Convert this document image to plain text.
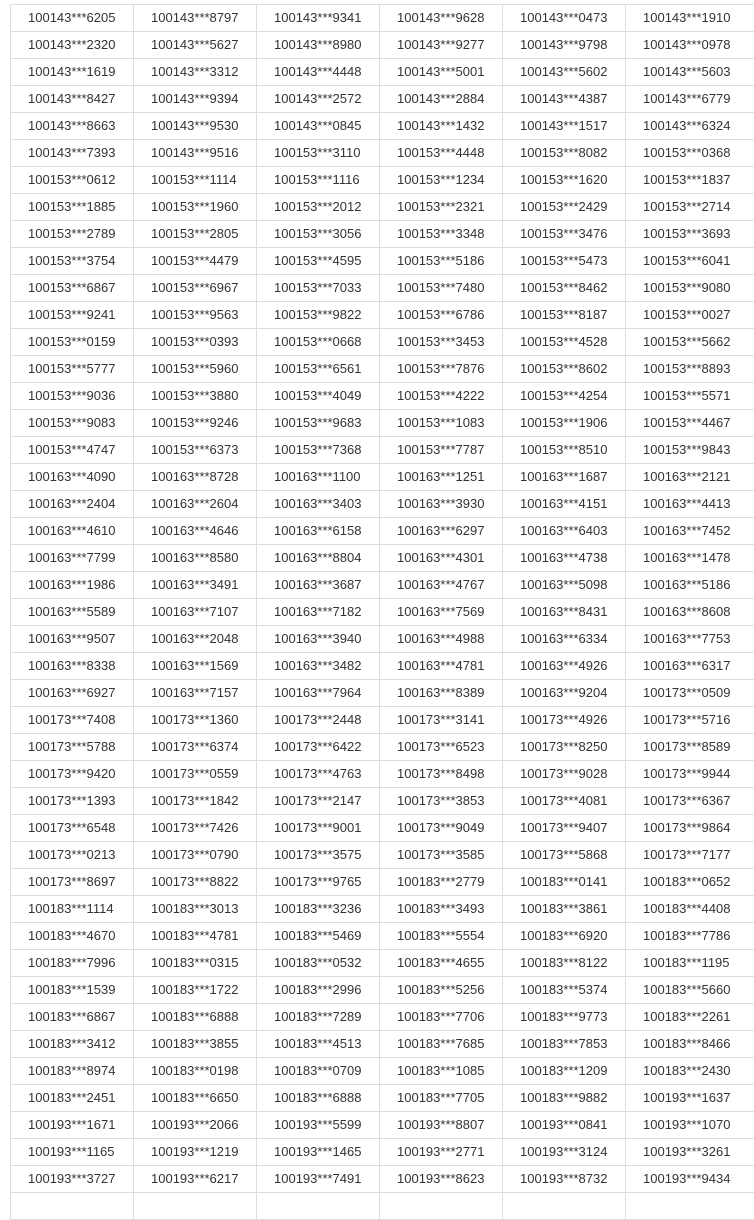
100143***6205	100143***8797	100143***9341	100143***9628	100143***0473	100143***1910
100143***2320	100143***5627	100143***8980	100143***9277	100143***9798	100143***0978
100143***1619	100143***3312	100143***4448	100143***5001	100143***5602	100143***5603
100143***8427	100143***9394	100143***2572	100143***2884	100143***4387	100143***6779
100143***8663	100143***9530	100143***0845	100143***1432	100143***1517	100143***6324
100143***7393	100143***9516	100153***3110	100153***4448	100153***8082	100153***0368
100153***0612	100153***1114	100153***1116	100153***1234	100153***1620	100153***1837
100153***1885	100153***1960	100153***2012	100153***2321	100153***2429	100153***2714
100153***2789	100153***2805	100153***3056	100153***3348	100153***3476	100153***3693
100153***3754	100153***4479	100153***4595	100153***5186	100153***5473	100153***6041
100153***6867	100153***6967	100153***7033	100153***7480	100153***8462	100153***9080
100153***9241	100153***9563	100153***9822	100153***6786	100153***8187	100153***0027
100153***0159	100153***0393	100153***0668	100153***3453	100153***4528	100153***5662
100153***5777	100153***5960	100153***6561	100153***7876	100153***8602	100153***8893
100153***9036	100153***3880	100153***4049	100153***4222	100153***4254	100153***5571
100153***9083	100153***9246	100153***9683	100153***1083	100153***1906	100153***4467
100153***4747	100153***6373	100153***7368	100153***7787	100153***8510	100153***9843
100163***4090	100163***8728	100163***1100	100163***1251	100163***1687	100163***2121
100163***2404	100163***2604	100163***3403	100163***3930	100163***4151	100163***4413
100163***4610	100163***4646	100163***6158	100163***6297	100163***6403	100163***7452
100163***7799	100163***8580	100163***8804	100163***4301	100163***4738	100163***1478
100163***1986	100163***3491	100163***3687	100163***4767	100163***5098	100163***5186
100163***5589	100163***7107	100163***7182	100163***7569	100163***8431	100163***8608
100163***9507	100163***2048	100163***3940	100163***4988	100163***6334	100163***7753
100163***8338	100163***1569	100163***3482	100163***4781	100163***4926	100163***6317
100163***6927	100163***7157	100163***7964	100163***8389	100163***9204	100173***0509
100173***7408	100173***1360	100173***2448	100173***3141	100173***4926	100173***5716
100173***5788	100173***6374	100173***6422	100173***6523	100173***8250	100173***8589
100173***9420	100173***0559	100173***4763	100173***8498	100173***9028	100173***9944
100173***1393	100173***1842	100173***2147	100173***3853	100173***4081	100173***6367
100173***6548	100173***7426	100173***9001	100173***9049	100173***9407	100173***9864
100173***0213	100173***0790	100173***3575	100173***3585	100173***5868	100173***7177
100173***8697	100173***8822	100173***9765	100183***2779	100183***0141	100183***0652
100183***1114	100183***3013	100183***3236	100183***3493	100183***3861	100183***4408
100183***4670	100183***4781	100183***5469	100183***5554	100183***6920	100183***7786
100183***7996	100183***0315	100183***0532	100183***4655	100183***8122	100183***1195
100183***1539	100183***1722	100183***2996	100183***5256	100183***5374	100183***5660
100183***6867	100183***6888	100183***7289	100183***7706	100183***9773	100183***2261
100183***3412	100183***3855	100183***4513	100183***7685	100183***7853	100183***8466
100183***8974	100183***0198	100183***0709	100183***1085	100183***1209	100183***2430
100183***2451	100183***6650	100183***6888	100183***7705	100183***9882	100193***1637
100193***1671	100193***2066	100193***5599	100193***8807	100193***0841	100193***1070
100193***1165	100193***1219	100193***1465	100193***2771	100193***3124	100193***3261
100193***3727	100193***6217	100193***7491	100193***8623	100193***8732	100193***9434
